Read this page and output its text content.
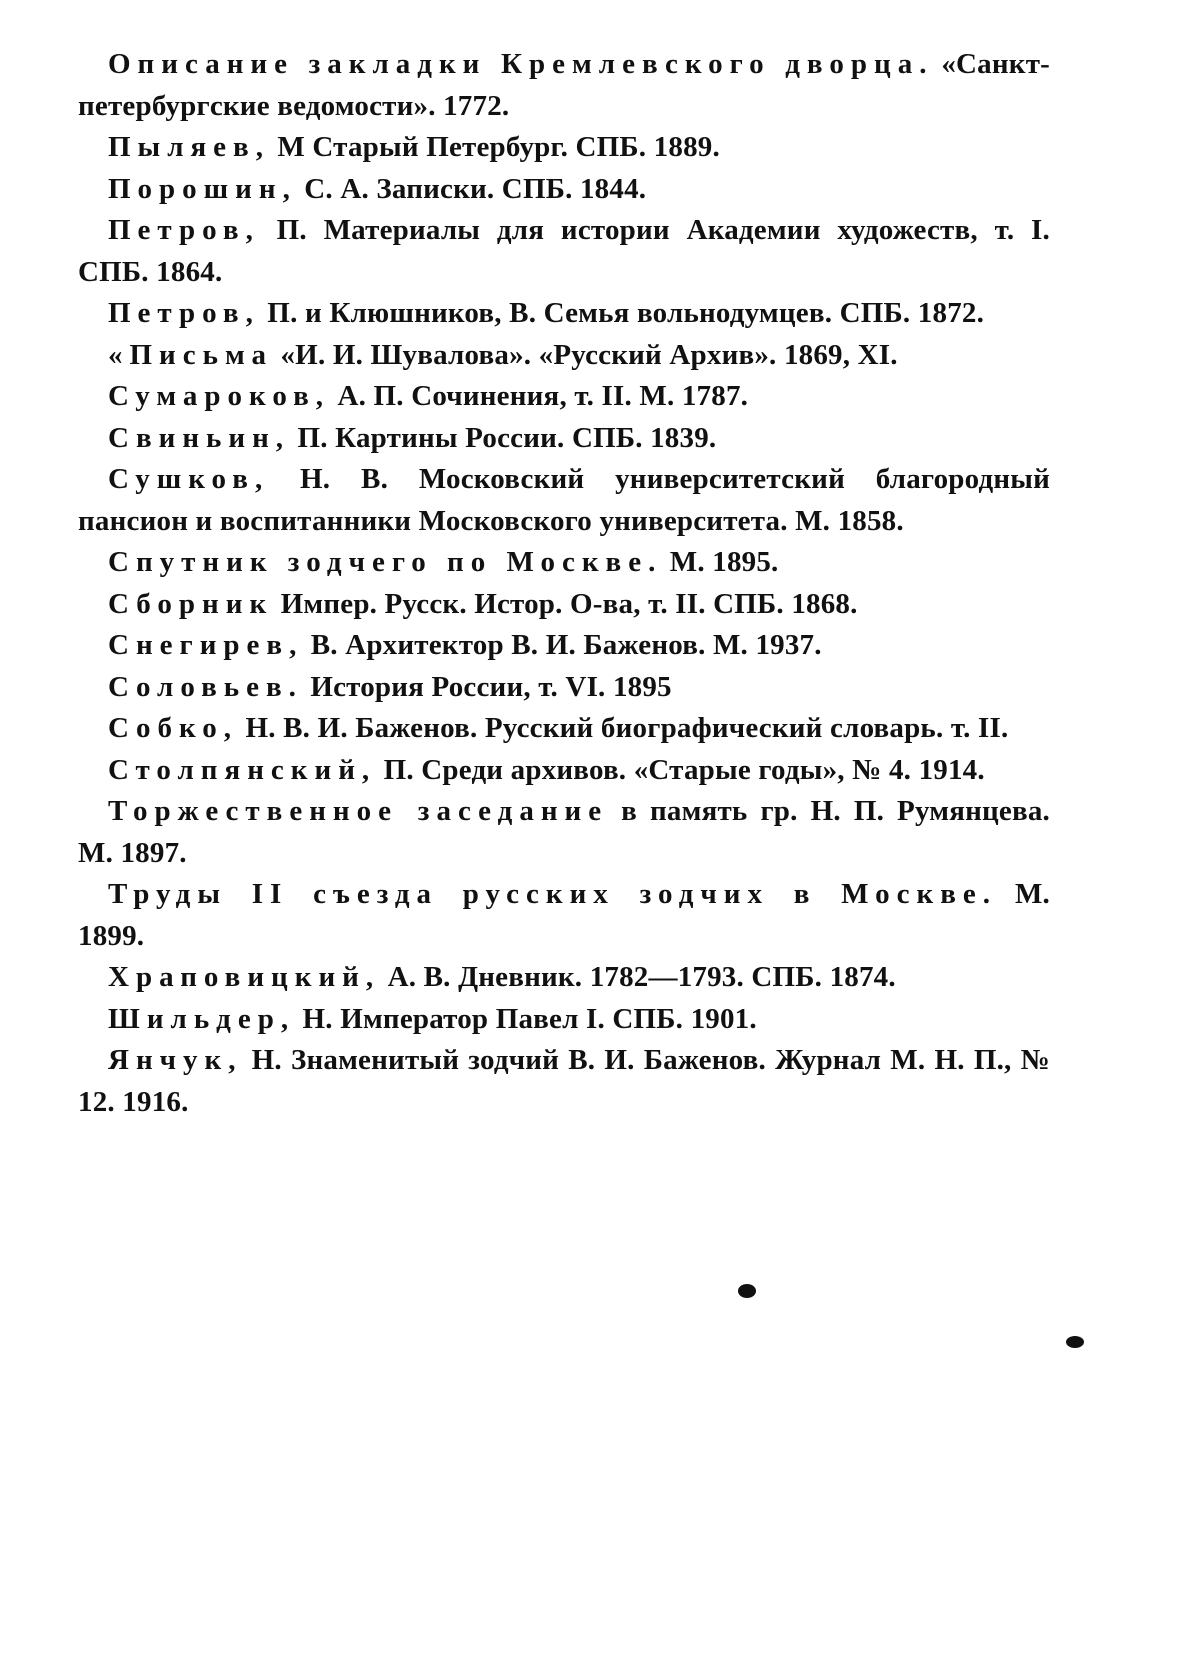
Описание закладки Кремлевского дворца. «Санкт-петербургские ведомости». 1772.
Пыляев, М Старый Петербург. СПБ. 1889.
Порошин, С. А. Записки. СПБ. 1844.
Петров, П. Материалы для истории Академии художеств, т. I. СПБ. 1864.
Петров, П. и Клюшников, В. Семья вольнодумцев. СПБ. 1872.
«Письма «И. И. Шувалова». «Русский Архив». 1869, XI.
Сумароков, А. П. Сочинения, т. II. М. 1787.
Свиньин, П. Картины России. СПБ. 1839.
Сушков, Н. В. Московский университетский благородный пансион и воспитанники Московского университета. М. 1858.
Спутник зодчего по Москве. М. 1895.
Сборник Импер. Русск. Истор. О-ва, т. II. СПБ. 1868.
Снегирев, В. Архитектор В. И. Баженов. М. 1937.
Соловьев. История России, т. VI. 1895
Собко, Н. В. И. Баженов. Русский биографический словарь. т. II.
Столпянский, П. Среди архивов. «Старые годы», № 4. 1914.
Торжественное заседание в память гр. Н. П. Румянцева. М. 1897.
Труды II съезда русских зодчих в Москве. М. 1899.
Храповицкий, А. В. Дневник. 1782—1793. СПБ. 1874.
Шильдер, Н. Император Павел I. СПБ. 1901.
Янчук, Н. Знаменитый зодчий В. И. Баженов. Журнал М. Н. П., № 12. 1916.
